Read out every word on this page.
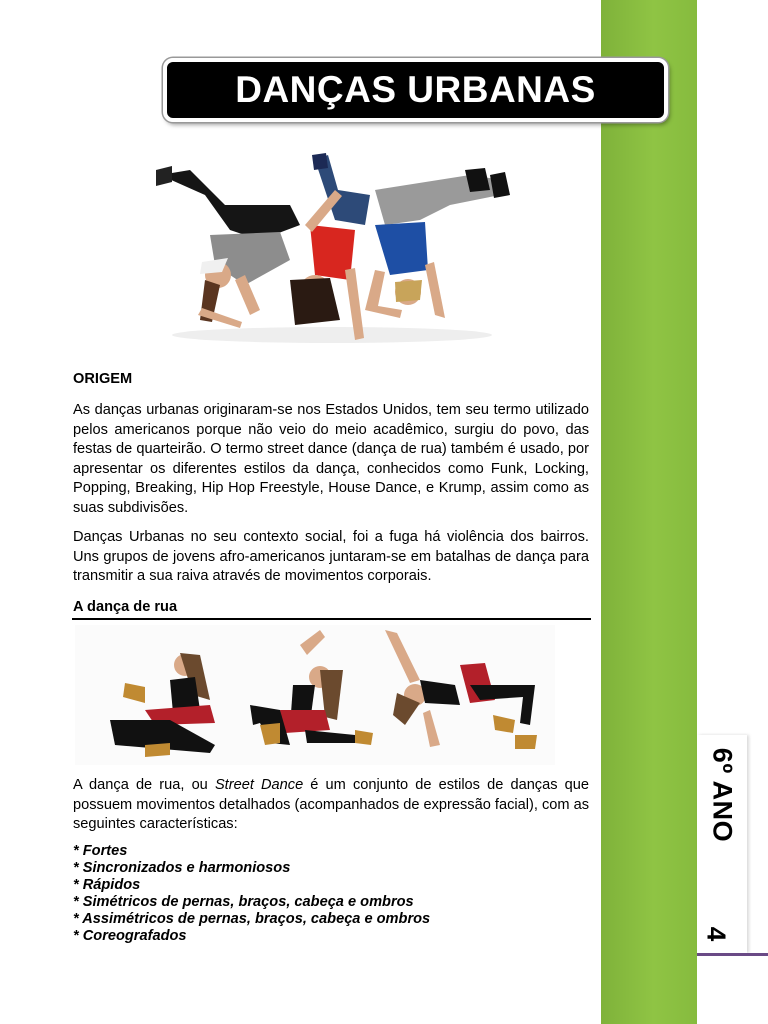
6º ANO
4
DANÇAS URBANAS
ORIGEM

As danças urbanas originaram-se nos Estados Unidos, tem seu termo utilizado pelos americanos porque não veio do meio acadêmico, surgiu do povo, das festas de quarteirão. O termo street dance (dança de rua) também é usado, por apresentar os diferentes estilos da dança, conhecidos como Funk, Locking, Popping, Breaking, Hip Hop Freestyle, House Dance, e Krump, assim como as suas subdivisões.

Danças Urbanas no seu contexto social, foi a fuga há violência dos bairros. Uns grupos de jovens afro-americanos juntaram-se em batalhas de dança para transmitir a sua raiva através de movimentos corporais.

A dança de rua

A dança de rua, ou Street Dance é um conjunto de estilos de danças que possuem movimentos detalhados (acompanhados de expressão facial), com as seguintes características:

* Fortes
* Sincronizados e harmoniosos
* Rápidos
* Simétricos de pernas, braços, cabeça e ombros
* Assimétricos de pernas, braços, cabeça e ombros
* Coreografados
